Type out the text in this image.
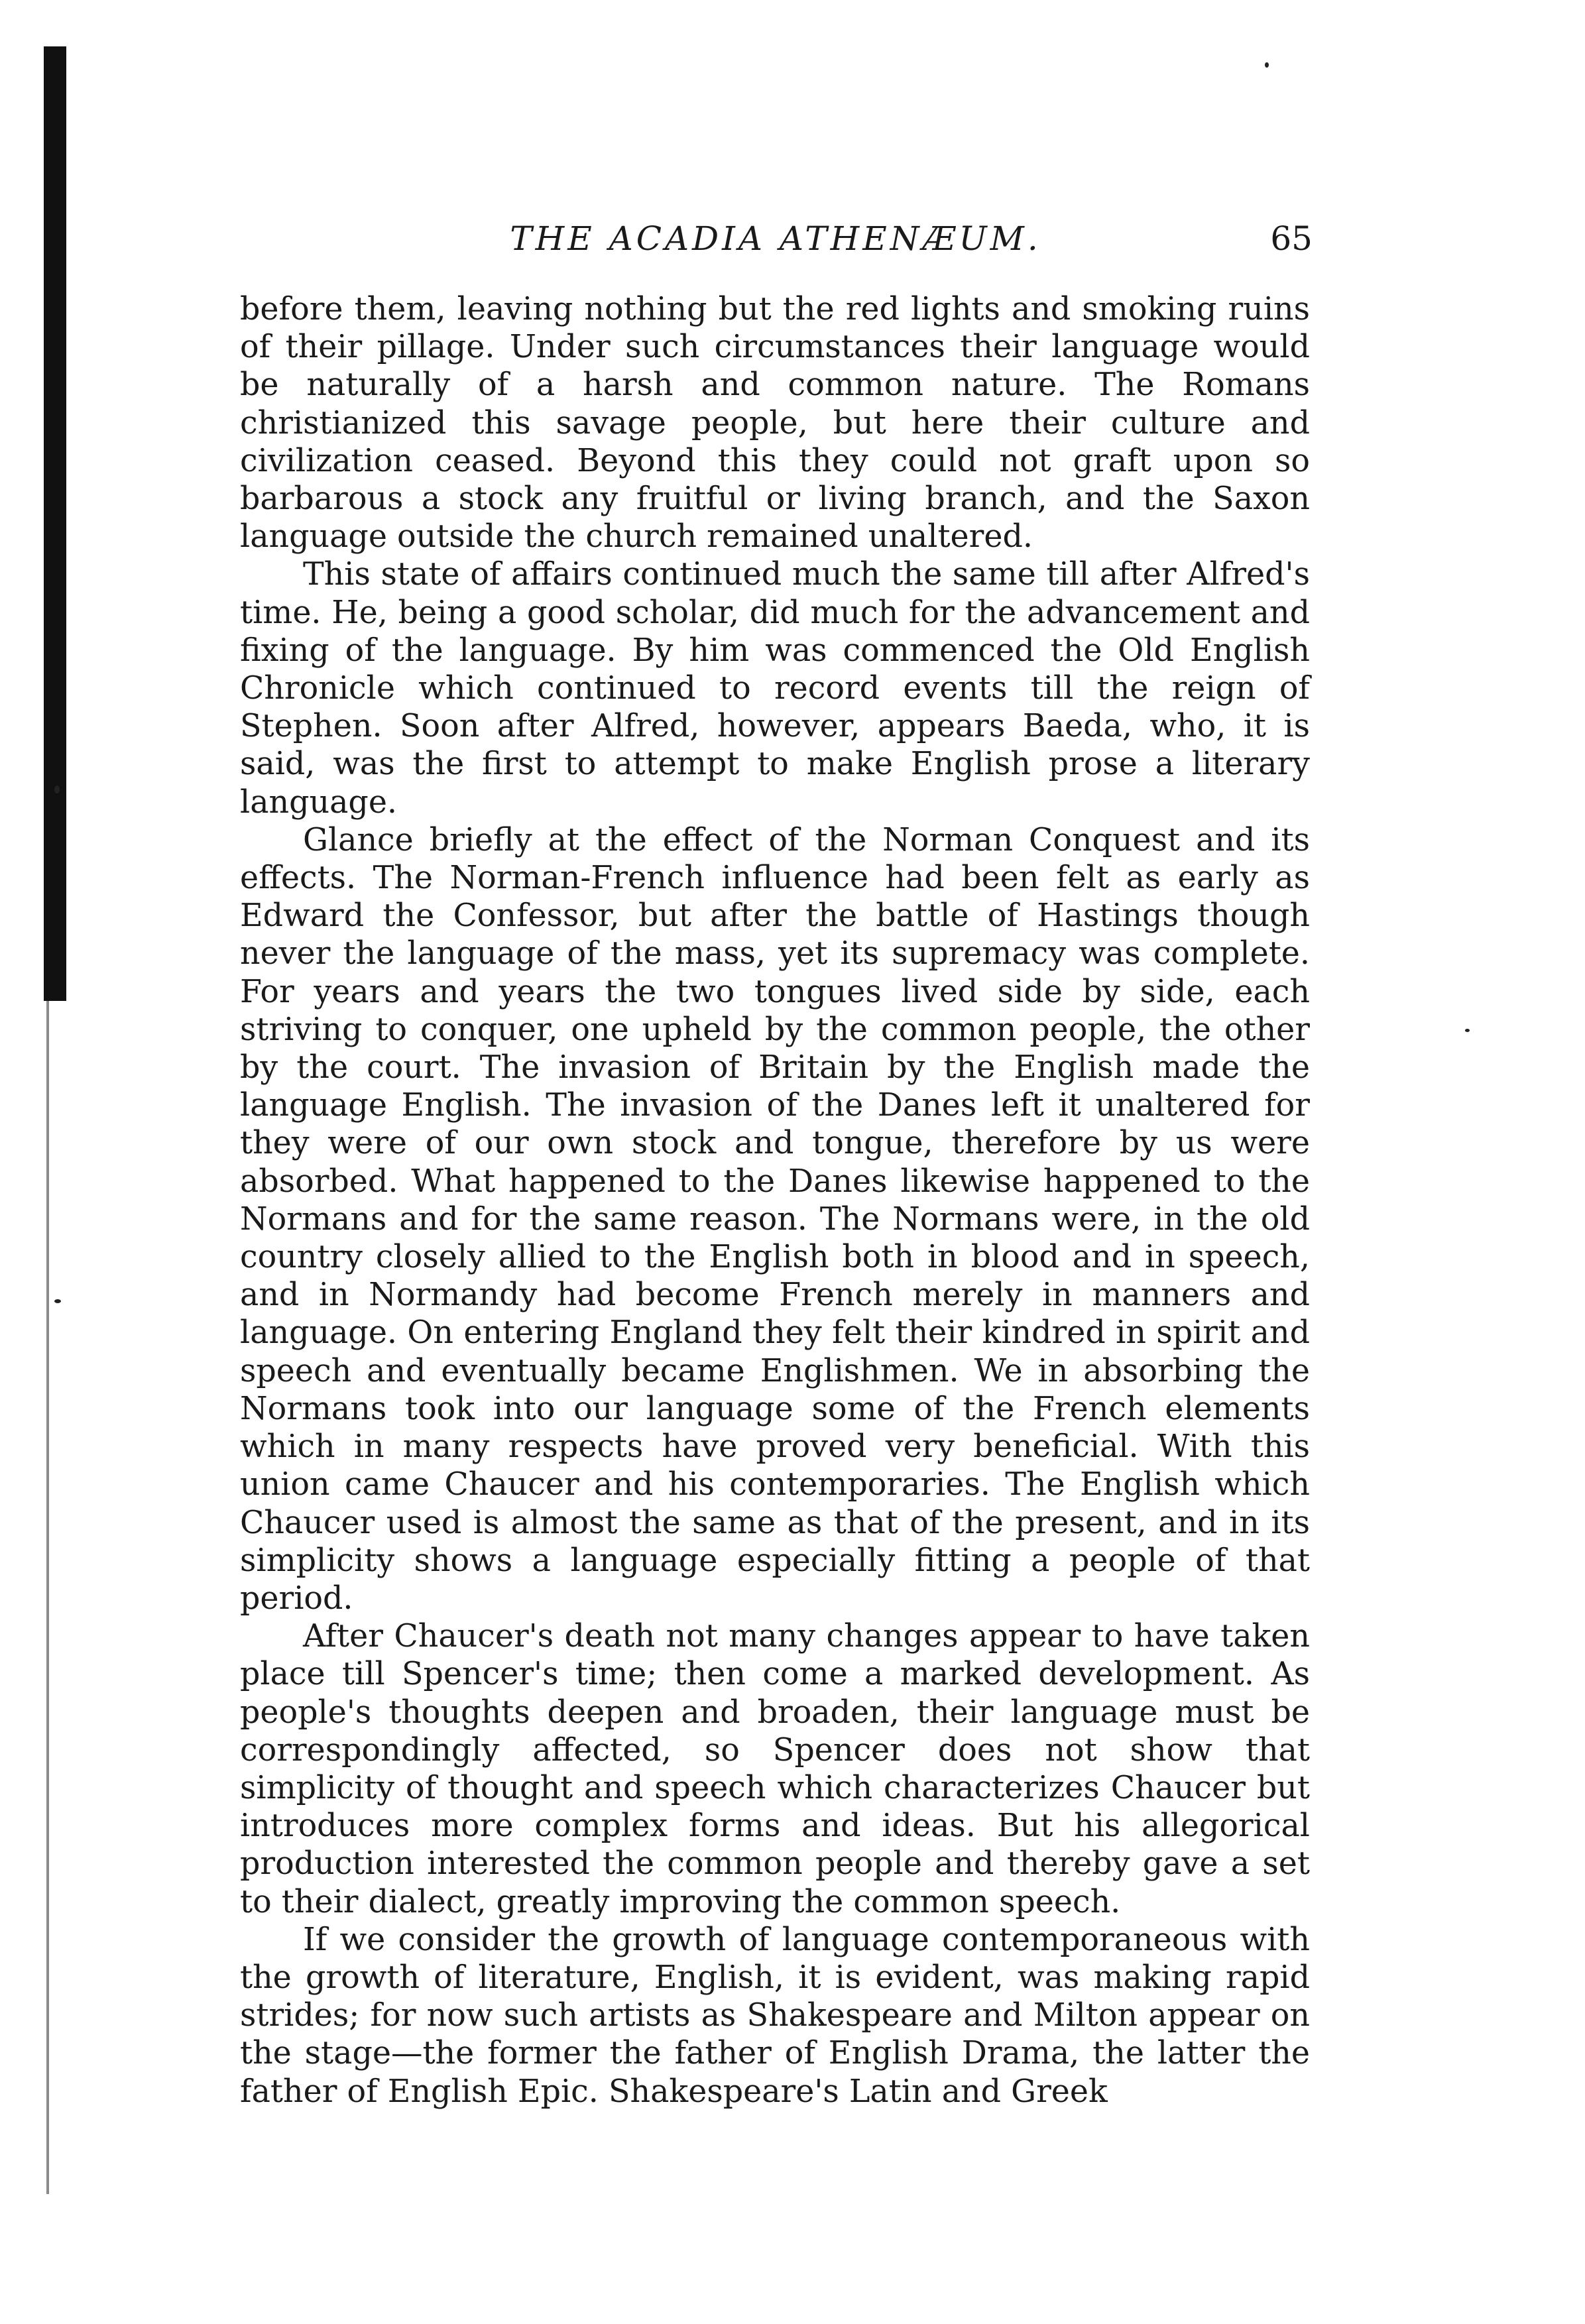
THE ACADIA ATHENÆUM.	65

before them, leaving nothing but the red lights and smoking ruins of their pillage. Under such circumstances their language would be naturally of a harsh and common nature. The Romans christianized this savage people, but here their culture and civilization ceased. Beyond this they could not graft upon so barbarous a stock any fruitful or living branch, and the Saxon language outside the church remained unaltered.

This state of affairs continued much the same till after Alfred's time. He, being a good scholar, did much for the advancement and fixing of the language. By him was commenced the Old English Chronicle which continued to record events till the reign of Stephen. Soon after Alfred, however, appears Baeda, who, it is said, was the first to attempt to make English prose a literary language.

Glance briefly at the effect of the Norman Conquest and its effects. The Norman-French influence had been felt as early as Edward the Confessor, but after the battle of Hastings though never the language of the mass, yet its supremacy was complete. For years and years the two tongues lived side by side, each striving to conquer, one upheld by the common people, the other by the court. The invasion of Britain by the English made the language English. The invasion of the Danes left it unaltered for they were of our own stock and tongue, therefore by us were absorbed. What happened to the Danes likewise happened to the Normans and for the same reason. The Normans were, in the old country closely allied to the English both in blood and in speech, and in Normandy had become French merely in manners and language. On entering England they felt their kindred in spirit and speech and eventually became Englishmen. We in absorbing the Normans took into our language some of the French elements which in many respects have proved very beneficial. With this union came Chaucer and his contemporaries. The English which Chaucer used is almost the same as that of the present, and in its simplicity shows a language especially fitting a people of that period.

After Chaucer's death not many changes appear to have taken place till Spencer's time; then come a marked development. As people's thoughts deepen and broaden, their language must be correspondingly affected, so Spencer does not show that simplicity of thought and speech which characterizes Chaucer but introduces more complex forms and ideas. But his allegorical production interested the common people and thereby gave a set to their dialect, greatly improving the common speech.

If we consider the growth of language contemporaneous with the growth of literature, English, it is evident, was making rapid strides; for now such artists as Shakespeare and Milton appear on the stage—the former the father of English Drama, the latter the father of English Epic. Shakespeare's Latin and Greek
